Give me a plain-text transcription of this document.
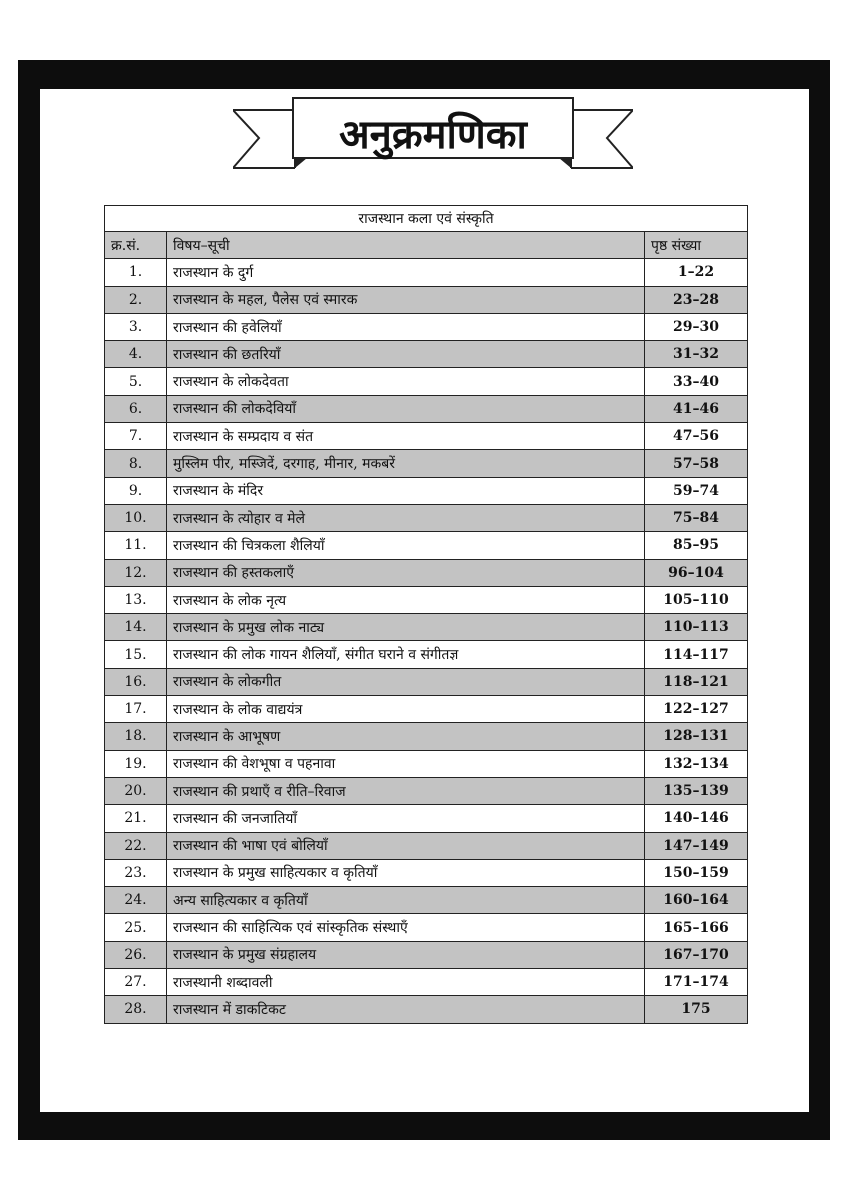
अनुक्रमणिका
राजस्थान कला एवं संस्कृति		
क्र.सं.	विषय–सूची	पृष्ठ संख्या
1.	राजस्थान के दुर्ग	1–22
2.	राजस्थान के महल, पैलेस एवं स्मारक	23–28
3.	राजस्थान की हवेलियाँ	29–30
4.	राजस्थान की छतरियाँ	31–32
5.	राजस्थान के लोकदेवता	33–40
6.	राजस्थान की लोकदेवियाँ	41–46
7.	राजस्थान के सम्प्रदाय व संत	47–56
8.	मुस्लिम पीर, मस्जिदें, दरगाह, मीनार, मकबरें	57–58
9.	राजस्थान के मंदिर	59–74
10.	राजस्थान के त्योहार व मेले	75–84
11.	राजस्थान की चित्रकला शैलियाँ	85–95
12.	राजस्थान की हस्तकलाएँ	96–104
13.	राजस्थान के लोक नृत्य	105–110
14.	राजस्थान के प्रमुख लोक नाट्य	110–113
15.	राजस्थान की लोक गायन शैलियाँ, संगीत घराने व संगीतज्ञ	114–117
16.	राजस्थान के लोकगीत	118–121
17.	राजस्थान के लोक वाद्ययंत्र	122–127
18.	राजस्थान के आभूषण	128–131
19.	राजस्थान की वेशभूषा व पहनावा	132–134
20.	राजस्थान की प्रथाएँ व रीति–रिवाज	135–139
21.	राजस्थान की जनजातियाँ	140–146
22.	राजस्थान की भाषा एवं बोलियाँ	147–149
23.	राजस्थान के प्रमुख साहित्यकार व कृतियाँ	150–159
24.	अन्य साहित्यकार व कृतियाँ	160–164
25.	राजस्थान की साहित्यिक एवं सांस्कृतिक संस्थाएँ	165–166
26.	राजस्थान के प्रमुख संग्रहालय	167–170
27.	राजस्थानी शब्दावली	171–174
28.	राजस्थान में डाकटिकट	175
